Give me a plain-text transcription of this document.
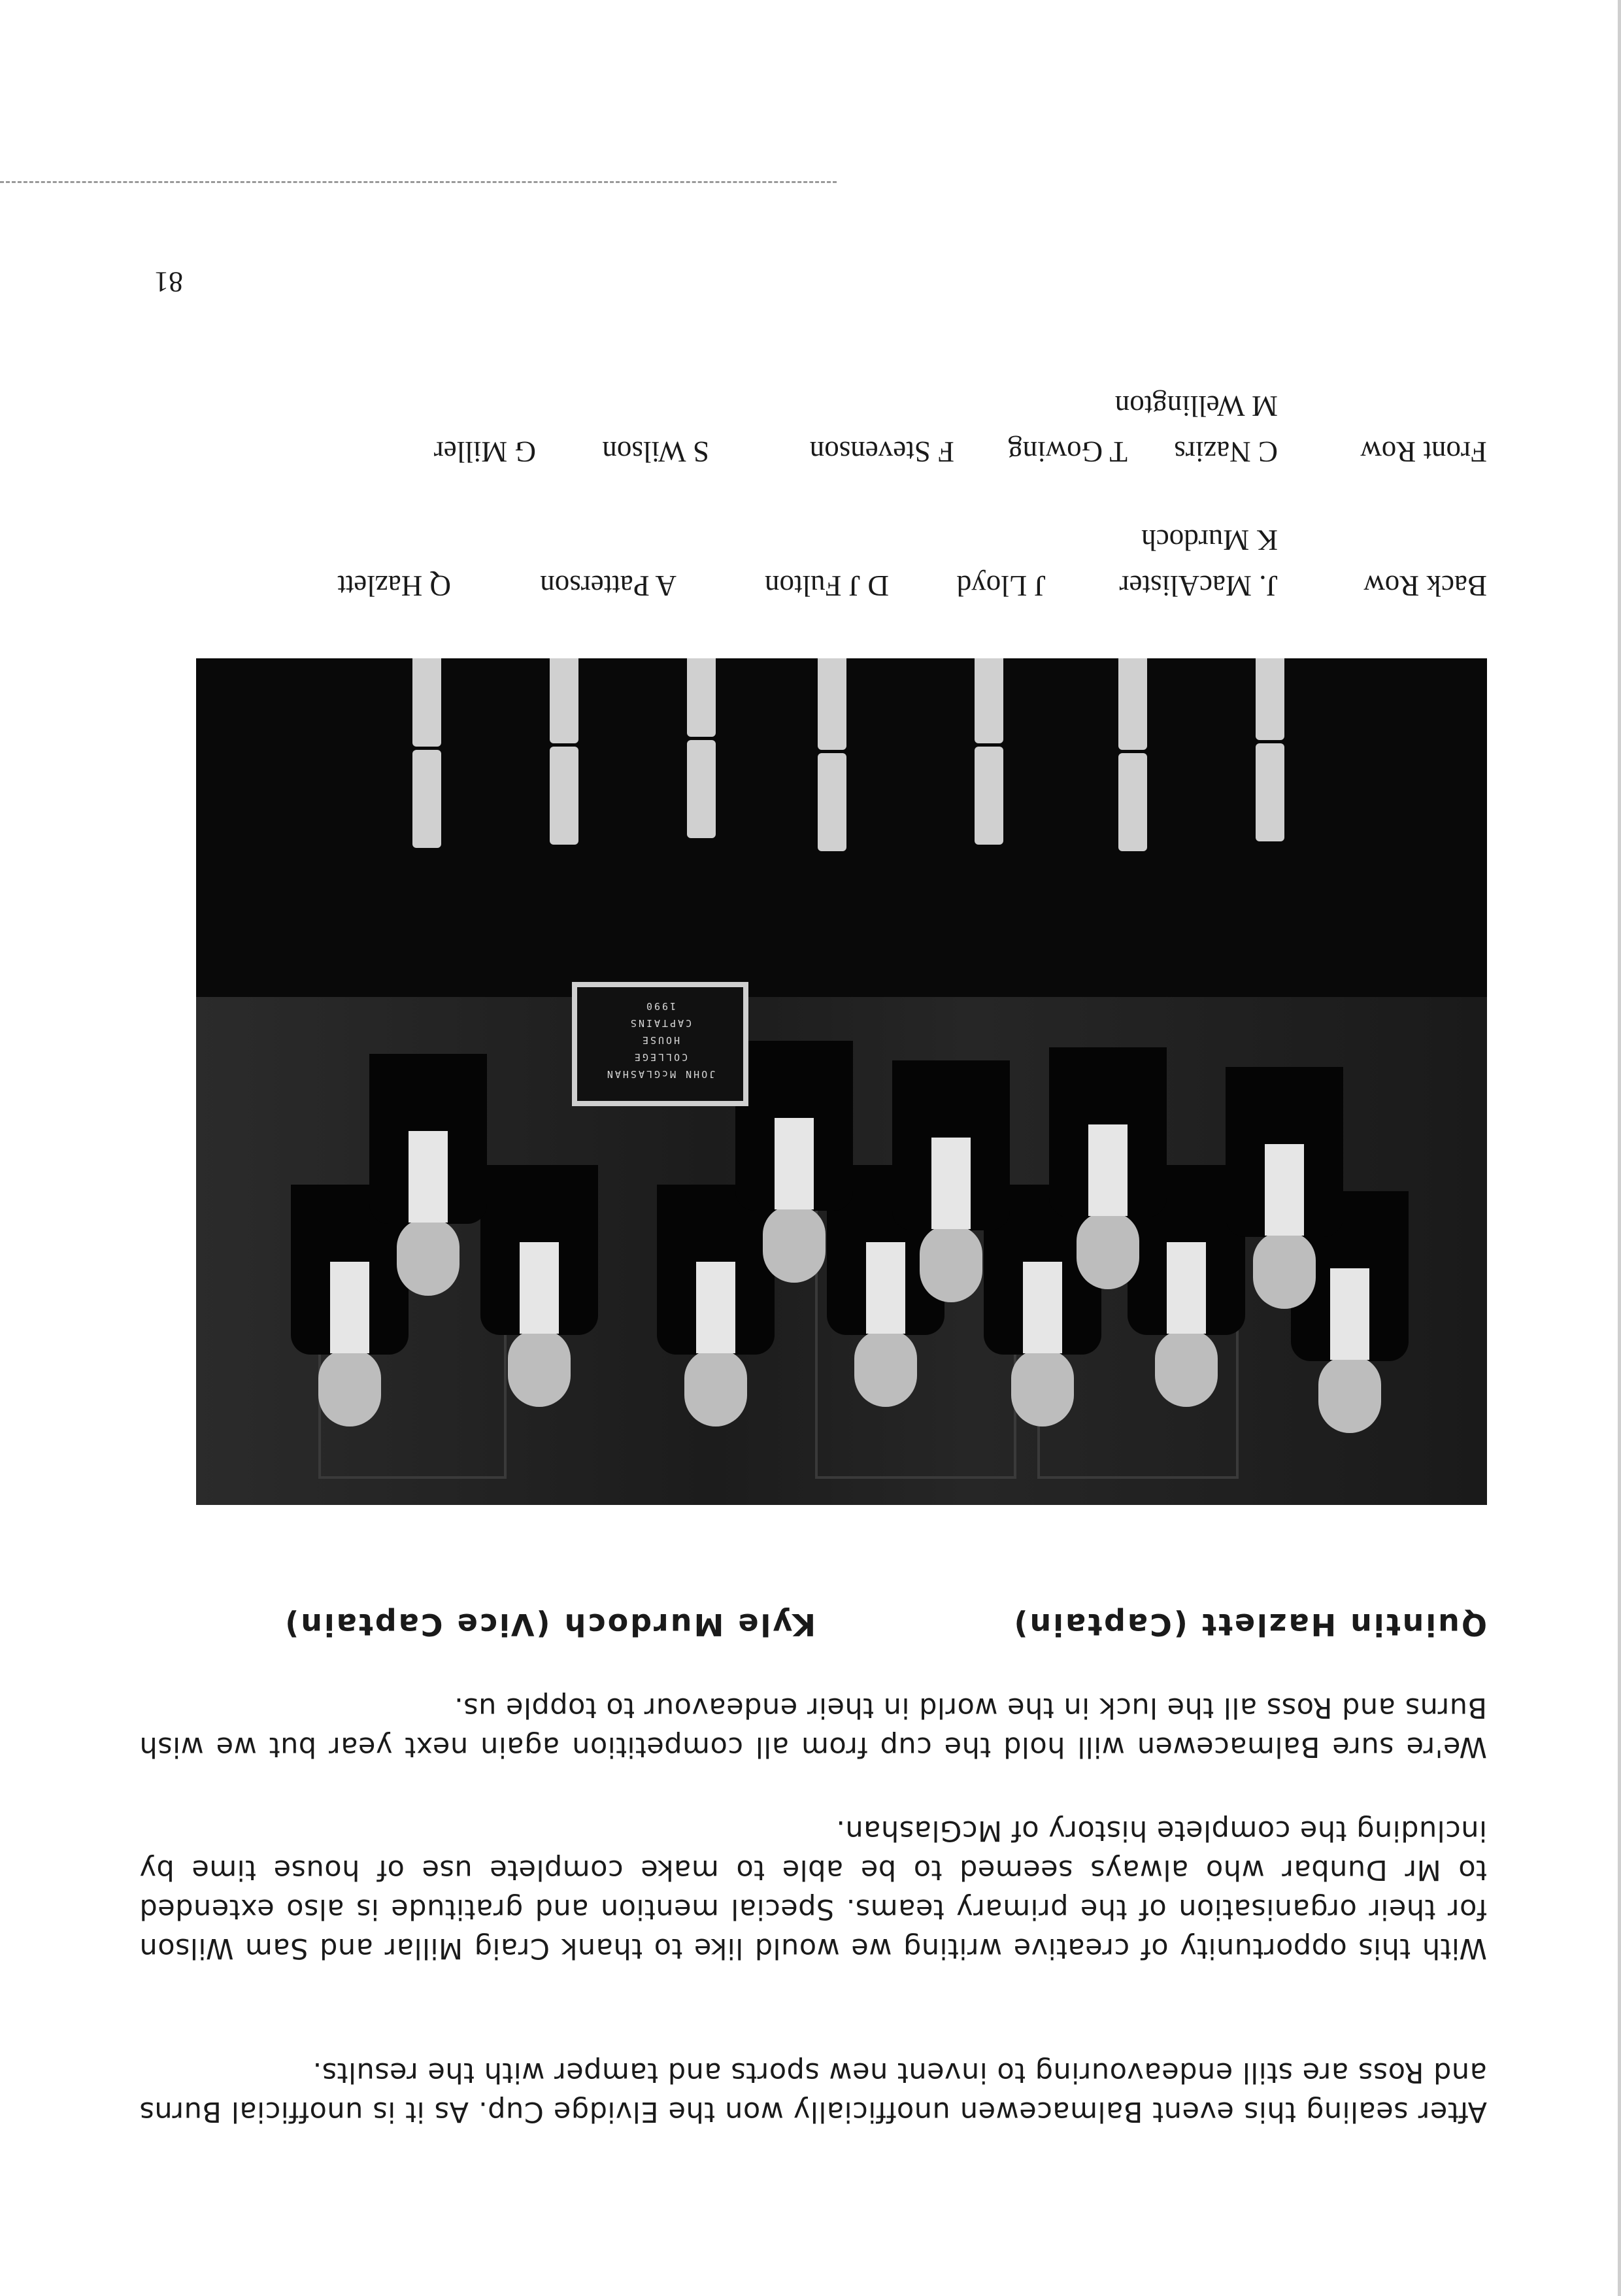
After sealing this event Balmacewen unofficially won the Elvidge Cup. As it is unofficial Burns and Ross are still endeavouring to invent new sports and tamper with the results.

With this opportunity of creative writing we would like to thank Craig Millar and Sam Wilson for their organisation of the primary teams. Special mention and gratitude is also extended to Mr Dunbar who always seemed to be able to make complete use of house time by including the complete history of McGlashan.

We're sure Balmacewen will hold the cup from all competition again next year but we wish Burns and Ross all the luck in the world in their endeavour to topple us.

Quintin Hazlett (Captain)
Kyle Murdoch (Vice Captain)
JOHN McGLASHAN
COLLEGE
HOUSE
CAPTAINS
1990
Back Row
J. MacAlister
J Lloyd
D J Fulton
A Patterson
Q Hazlett
K Murdoch
Front Row
C Nazirs
T Gowing
F Stevenson
S Wilson
G Miller
M Wellington
81
